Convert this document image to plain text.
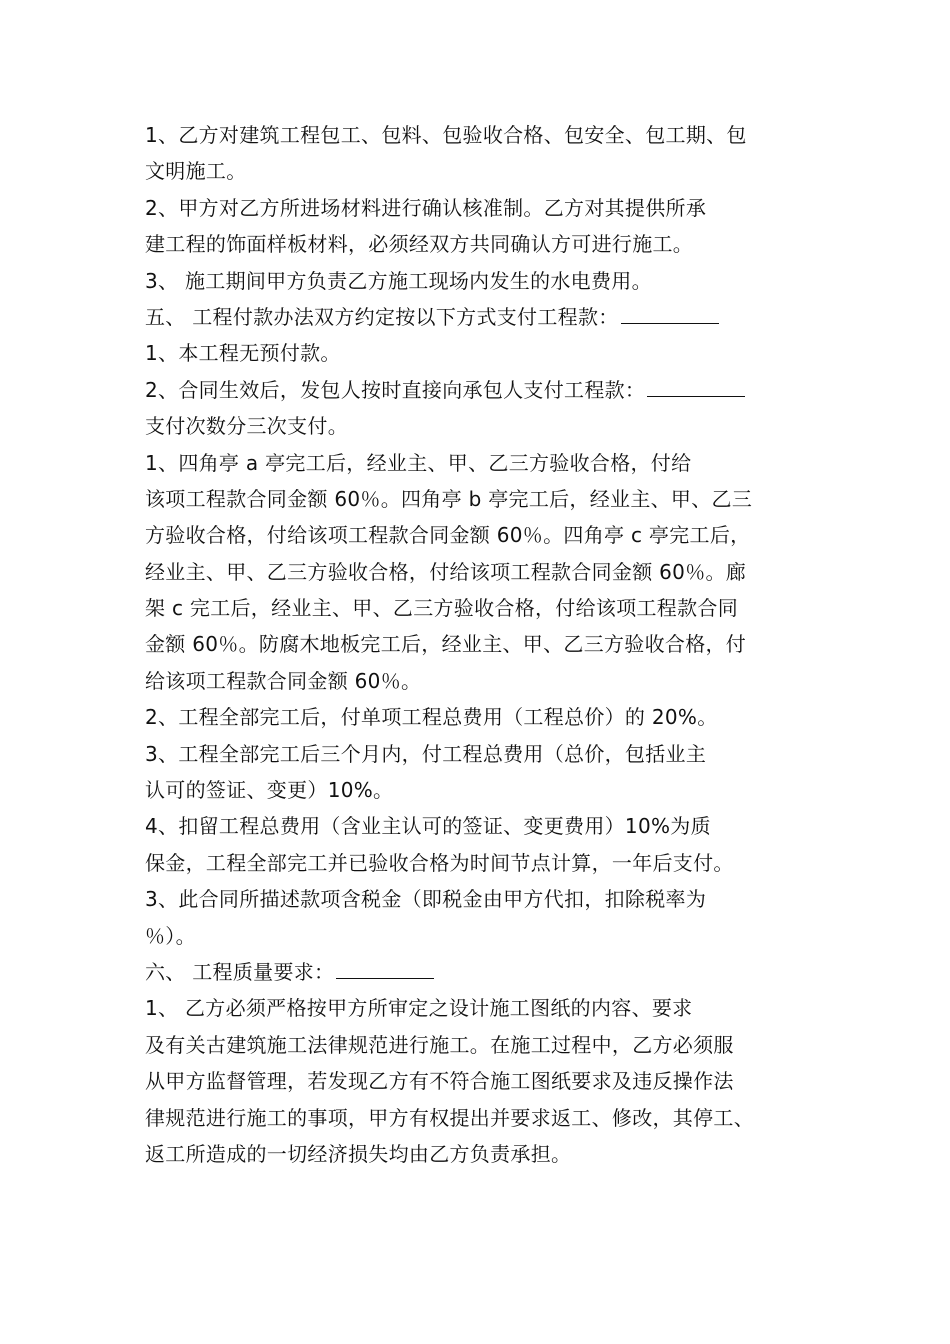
1、乙方对建筑工程包工、包料、包验收合格、包安全、包工期、包
文明施工。
2、甲方对乙方所进场材料进行确认核准制。乙方对其提供所承
建工程的饰面样板材料，必须经双方共同确认方可进行施工。
3、 施工期间甲方负责乙方施工现场内发生的水电费用。
五、 工程付款办法双方约定按以下方式支付工程款：
1、本工程无预付款。
2、合同生效后，发包人按时直接向承包人支付工程款：
支付次数分三次支付。
1、四角亭 a 亭完工后，经业主、甲、乙三方验收合格，付给
该项工程款合同金额 60％。四角亭 b 亭完工后，经业主、甲、乙三
方验收合格，付给该项工程款合同金额 60％。四角亭 c 亭完工后，
经业主、甲、乙三方验收合格，付给该项工程款合同金额 60％。廊
架 c 完工后，经业主、甲、乙三方验收合格，付给该项工程款合同
金额 60％。防腐木地板完工后，经业主、甲、乙三方验收合格，付
给该项工程款合同金额 60％。
2、工程全部完工后，付单项工程总费用（工程总价）的 20%。
3、工程全部完工后三个月内，付工程总费用（总价，包括业主
认可的签证、变更）10%。
4、扣留工程总费用（含业主认可的签证、变更费用）10%为质
保金，工程全部完工并已验收合格为时间节点计算，一年后支付。
3、此合同所描述款项含税金（即税金由甲方代扣，扣除税率为
％）。
六、 工程质量要求：
1、 乙方必须严格按甲方所审定之设计施工图纸的内容、要求
及有关古建筑施工法律规范进行施工。在施工过程中，乙方必须服
从甲方监督管理，若发现乙方有不符合施工图纸要求及违反操作法
律规范进行施工的事项，甲方有权提出并要求返工、修改，其停工、
返工所造成的一切经济损失均由乙方负责承担。
